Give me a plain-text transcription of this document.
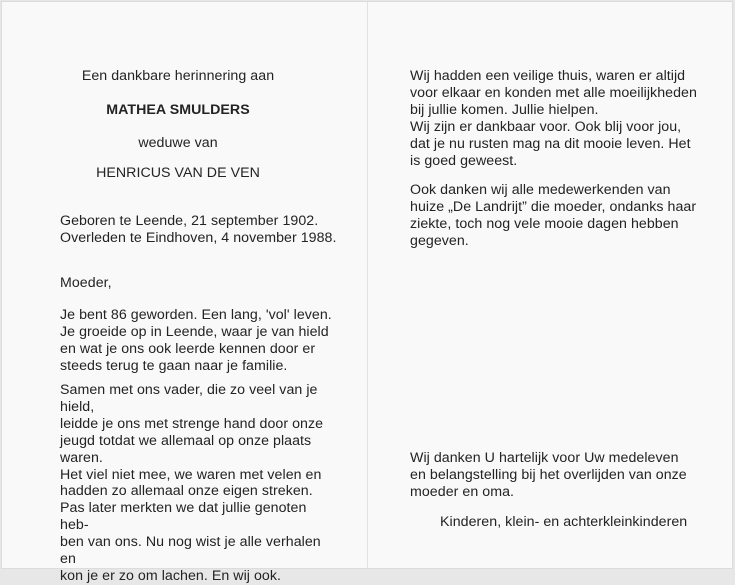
Een dankbare herinnering aan
MATHEA SMULDERS
weduwe van
HENRICUS VAN DE VEN
Geboren te Leende, 21 september 1902.
Overleden te Eindhoven, 4 november 1988.
Moeder,
Je bent 86 geworden. Een lang, 'vol' leven.
Je groeide op in Leende, waar je van hield
en wat je ons ook leerde kennen door er
steeds terug te gaan naar je familie.
Samen met ons vader, die zo veel van je hield,
leidde je ons met strenge hand door onze
jeugd totdat we allemaal op onze plaats
waren.
Het viel niet mee, we waren met velen en
hadden zo allemaal onze eigen streken.
Pas later merkten we dat jullie genoten heb-
ben van ons. Nu nog wist je alle verhalen en
kon je er zo om lachen. En wij ook.
Wij hadden een veilige thuis, waren er altijd
voor elkaar en konden met alle moeilijkheden
bij jullie komen. Jullie hielpen.
Wij zijn er dankbaar voor. Ook blij voor jou,
dat je nu rusten mag na dit mooie leven. Het
is goed geweest.
Ook danken wij alle medewerkenden van
huize „De Landrijt” die moeder, ondanks haar
ziekte, toch nog vele mooie dagen hebben
gegeven.
Wij danken U hartelijk voor Uw medeleven
en belangstelling bij het overlijden van onze
moeder en oma.
Kinderen, klein- en achterkleinkinderen
